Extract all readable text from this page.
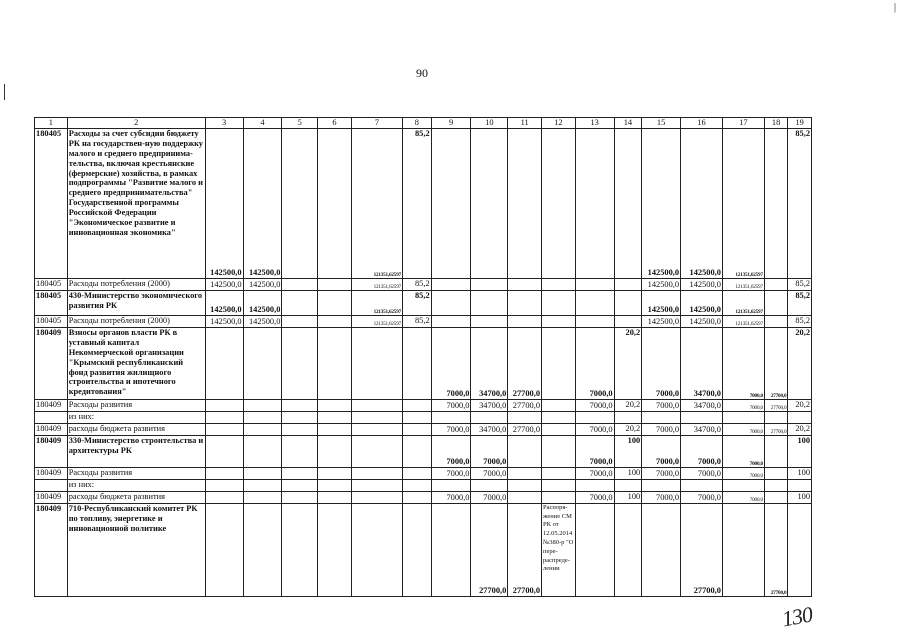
|
90
1	2	3	4	5	6	7	8	9	10	11	12	13	14	15	16	17	18	19
180405	Расходы за счет субсидии бюджету РК на государствен-ную поддержку малого и среднего предпринима-тельства, включая крестьянские (фермерские) хозяйства, в рамках подпрограммы "Развитие малого и среднего предпринимательства" Государственной программы Российской Федерации "Экономическое развитие и инновационная экономика"	142500,0	142500,0			121351,62597	85,2							142500,0	142500,0	121351,62597		85,2
180405	Расходы потребления (2000)	142500,0	142500,0			121351,62597	85,2							142500,0	142500,0	121351,62597		85,2
180405	430-Министерство экономического развития РК	142500,0	142500,0			121351,62597	85,2							142500,0	142500,0	121351,62597		85,2
180405	Расходы потребления (2000)	142500,0	142500,0			121351,62597	85,2							142500,0	142500,0	121351,62597		85,2
180409	Взносы органов власти РК в уставный капитал Некоммерческой организации "Крымский республиканский фонд развития жилищного строительства и ипотечного кредитования"							7000,0	34700,0	27700,0		7000,0	20,2	7000,0	34700,0	7000,0	27700,0	20,2
180409	Расходы развития							7000,0	34700,0	27700,0		7000,0	20,2	7000,0	34700,0	7000,0	27700,0	20,2
	из них:																	
180409	расходы бюджета развития							7000,0	34700,0	27700,0		7000,0	20,2	7000,0	34700,0	7000,0	27700,0	20,2
180409	330-Министерство строительства и архитектуры РК							7000,0	7000,0			7000,0	100	7000,0	7000,0	7000,0		100
180409	Расходы развития							7000,0	7000,0			7000,0	100	7000,0	7000,0	7000,0		100
	из них:																	
180409	расходы бюджета развития							7000,0	7000,0			7000,0	100	7000,0	7000,0	7000,0		100
180409	710-Республиканский комитет РК по топливу, энергетике и инновационной политике								27700,0	27700,0	Распоря-жение СМ РК от 12.05.2014 №380-р "О пере-распреде-лении				27700,0		27700,0	
130
